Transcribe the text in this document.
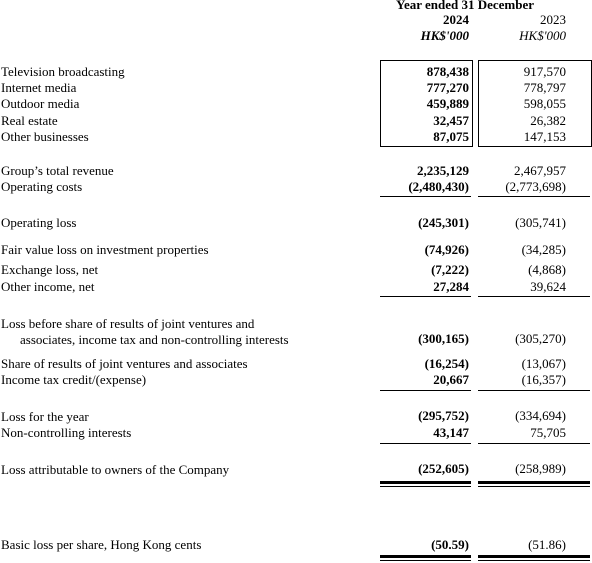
Year ended 31 December
2024	2023
HK$'000	HK$'000
Television broadcasting	878,438	917,570
Internet media	777,270	778,797
Outdoor media	459,889	598,055
Real estate	32,457	26,382
Other businesses	87,075	147,153
Group’s total revenue	2,235,129	2,467,957
Operating costs	(2,480,430)	(2,773,698)
Operating loss	(245,301)	(305,741)
Fair value loss on investment properties	(74,926)	(34,285)
Exchange loss, net	(7,222)	(4,868)
Other income, net	27,284	39,624
Loss before share of results of joint ventures and
associates, income tax and non-controlling interests	(300,165)	(305,270)
Share of results of joint ventures and associates	(16,254)	(13,067)
Income tax credit/(expense)	20,667	(16,357)
Loss for the year	(295,752)	(334,694)
Non-controlling interests	43,147	75,705
Loss attributable to owners of the Company	(252,605)	(258,989)
Basic loss per share, Hong Kong cents	(50.59)	(51.86)
